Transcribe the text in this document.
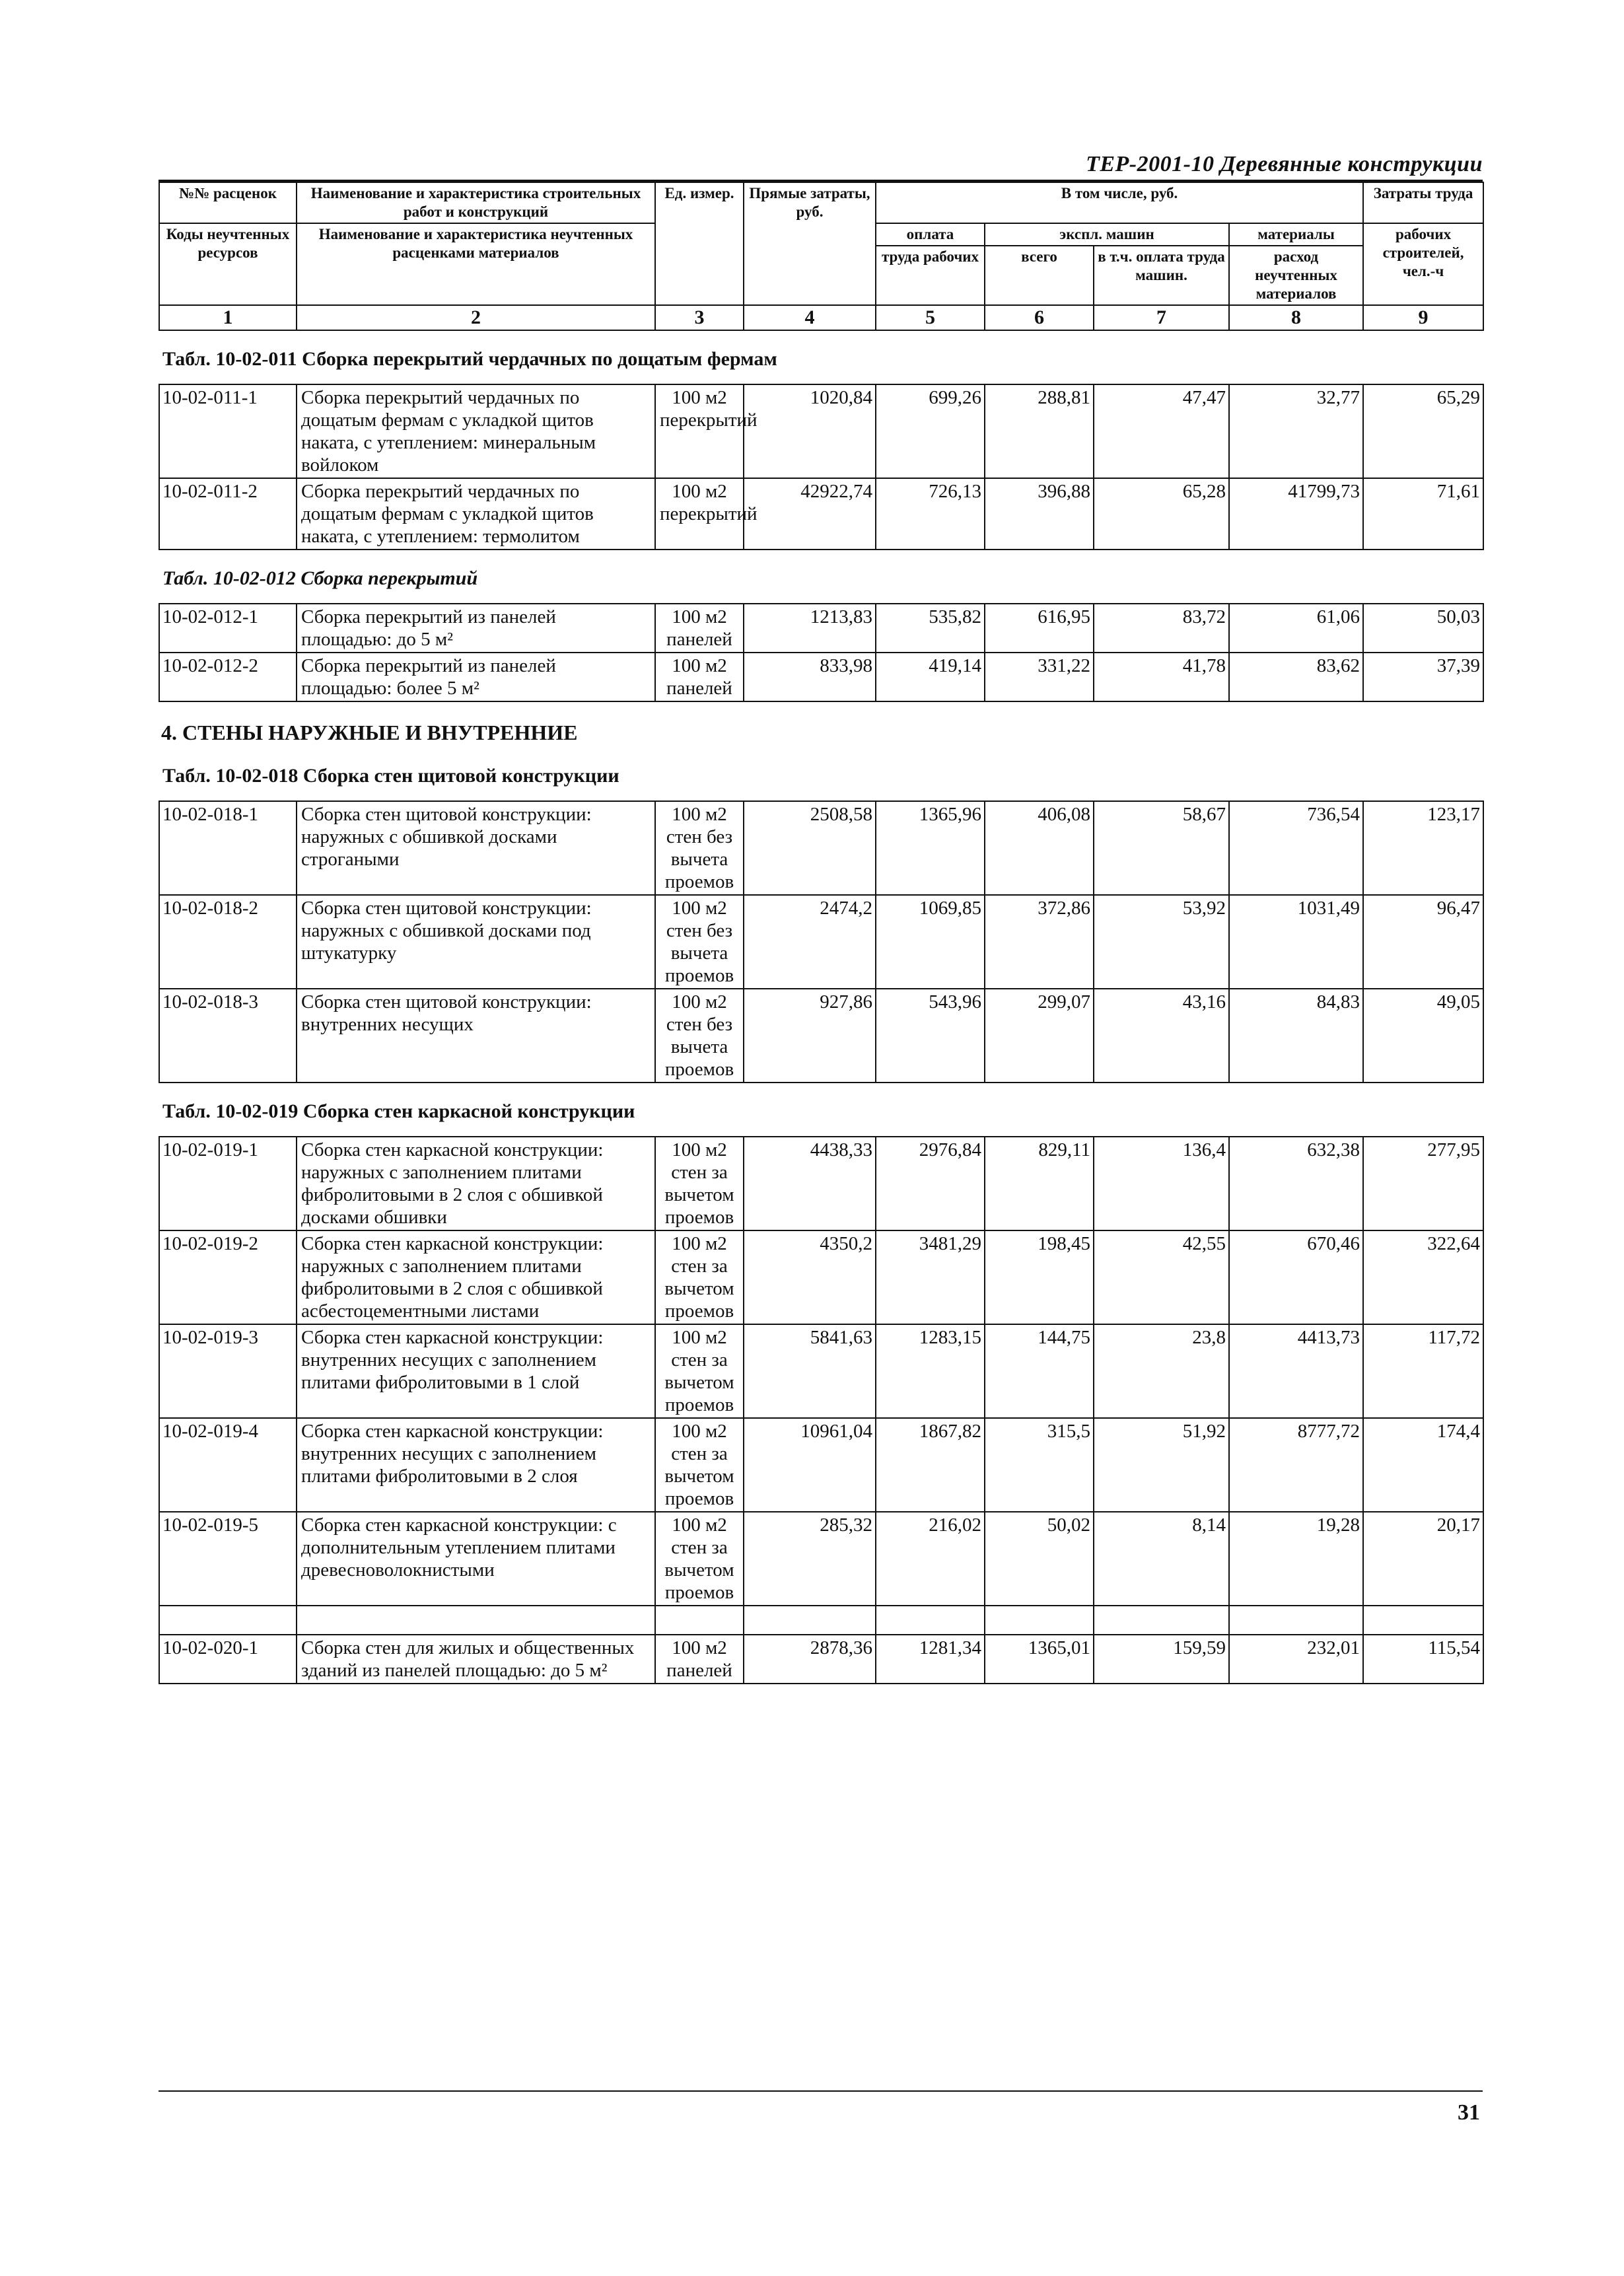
ТЕР-2001-10 Деревянные конструкции
№№ расценок	Наименование и характеристика строительных работ и конструкций	Ед. измер.	Прямые затраты, руб.	В том числе, руб.				Затраты труда
Коды неучтенных ресурсов	Наименование и характеристика неучтенных расценками материалов			оплата	экспл. машин		материалы	рабочих строителей, чел.-ч
				труда рабочих	всего	в т.ч. оплата труда машин.	расход неучтенных материалов	
1	2	3	4	5	6	7	8	9
Табл. 10-02-011 Сборка перекрытий чердачных по дощатым фермам
10-02-011-1	Сборка перекрытий чердачных по дощатым фермам с укладкой щитов наката, с утеплением: минеральным войлоком	100 м2 перекрытий	1020,84	699,26	288,81	47,47	32,77	65,29
10-02-011-2	Сборка перекрытий чердачных по дощатым фермам с укладкой щитов наката, с утеплением: термолитом	100 м2 перекрытий	42922,74	726,13	396,88	65,28	41799,73	71,61
Табл. 10-02-012 Сборка перекрытий
10-02-012-1	Сборка перекрытий из панелей площадью: до 5 м²	100 м2 панелей	1213,83	535,82	616,95	83,72	61,06	50,03
10-02-012-2	Сборка перекрытий из панелей площадью: более 5 м²	100 м2 панелей	833,98	419,14	331,22	41,78	83,62	37,39
4. СТЕНЫ НАРУЖНЫЕ И ВНУТРЕННИЕ
Табл. 10-02-018 Сборка стен щитовой конструкции
10-02-018-1	Сборка стен щитовой конструкции: наружных с обшивкой досками строгаными	100 м2 стен без вычета проемов	2508,58	1365,96	406,08	58,67	736,54	123,17
10-02-018-2	Сборка стен щитовой конструкции: наружных с обшивкой досками под штукатурку	100 м2 стен без вычета проемов	2474,2	1069,85	372,86	53,92	1031,49	96,47
10-02-018-3	Сборка стен щитовой конструкции: внутренних несущих	100 м2 стен без вычета проемов	927,86	543,96	299,07	43,16	84,83	49,05
Табл. 10-02-019 Сборка стен каркасной конструкции
10-02-019-1	Сборка стен каркасной конструкции: наружных с заполнением плитами фибролитовыми в 2 слоя с обшивкой досками обшивки	100 м2 стен за вычетом проемов	4438,33	2976,84	829,11	136,4	632,38	277,95
10-02-019-2	Сборка стен каркасной конструкции: наружных с заполнением плитами фибролитовыми в 2 слоя с обшивкой асбестоцементными листами	100 м2 стен за вычетом проемов	4350,2	3481,29	198,45	42,55	670,46	322,64
10-02-019-3	Сборка стен каркасной конструкции: внутренних несущих с заполнением плитами фибролитовыми в 1 слой	100 м2 стен за вычетом проемов	5841,63	1283,15	144,75	23,8	4413,73	117,72
10-02-019-4	Сборка стен каркасной конструкции: внутренних несущих с заполнением плитами фибролитовыми в 2 слоя	100 м2 стен за вычетом проемов	10961,04	1867,82	315,5	51,92	8777,72	174,4
10-02-019-5	Сборка стен каркасной конструкции: с дополнительным утеплением плитами древесноволокнистыми	100 м2 стен за вычетом проемов	285,32	216,02	50,02	8,14	19,28	20,17

10-02-020-1	Сборка стен для жилых и общественных зданий из панелей площадью: до 5 м²	100 м2 панелей	2878,36	1281,34	1365,01	159,59	232,01	115,54
31
